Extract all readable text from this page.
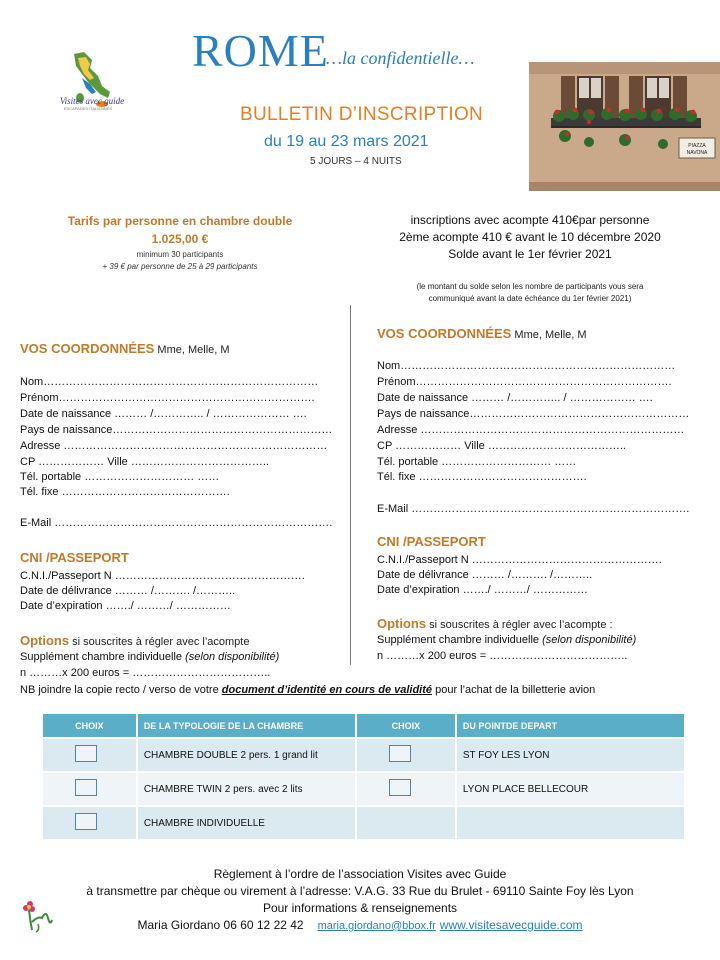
Visites avec guide
ESCAPADES ITALIENNES
ROME
…la confidentielle…
PIAZZA
NAVONA
BULLETIN D’INSCRIPTION
du 19 au 23 mars 2021
5 JOURS – 4 NUITS
Tarifs par personne en chambre double
1.025,00 €
minimum 30 participants
+ 39 € par personne de 25 à 29 participants
inscriptions avec acompte 410€par personne
2ème acompte 410 € avant le 10 décembre 2020
Solde avant le 1er février 2021
(le montant du solde selon les nombre de participants vous sera
communiqué avant la date échéance du 1er février 2021)
VOS COORDONNÉES Mme, Melle, M
Nom…………………………………………………………………
Prénom…………………………………………………………….
Date de naissance ……… /………….. / ………………… ….
Pays de naissance……………………………………………………
Adresse ………………………………………………………………
CP ……………… Ville ………………………………..
Tél. portable ………………………… ……
Tél. fixe ……………………………………….
E-Mail ………………………………………………………………….
CNI /PASSEPORT
C.N.I./Passeport N …………………………………………….
Date de délivrance ……… /………. /………..
Date d’expiration ……./ ………/ ……………
Options si souscrites à régler avec l’acompte
Supplément chambre individuelle (selon disponibilité)
n ………x 200 euros = ………………………………..
VOS COORDONNÉES Mme, Melle, M
Nom…………………………………………………………………
Prénom…………………………………………………………….
Date de naissance ……… /………….. / ……………… ….
Pays de naissance……………………………………………………
Adresse ………………………………………………………………
CP ……………… Ville ………………………………..
Tél. portable ………………………… ……
Tél. fixe ……………………………………….
E-Mail ………………………………………………………………….
CNI /PASSEPORT
C.N.I./Passeport N …………………………………………….
Date de délivrance ……… /………. /………..
Date d’expiration ……./ ………/ ……………
Options si souscrites à régler avec l’acompte :
Supplément chambre individuelle (selon disponibilité)
n ………x 200 euros = ………………………………..
NB joindre la copie recto / verso de votre document d’identité en cours de validité pour l’achat de la billetterie avion
CHOIX	DE LA TYPOLOGIE DE LA CHAMBRE	CHOIX	DU POINTDE DEPART
	CHAMBRE DOUBLE 2 pers. 1 grand lit		ST FOY LES LYON
	CHAMBRE TWIN 2 pers. avec 2 lits		LYON PLACE BELLECOUR
	CHAMBRE INDIVIDUELLE		
Règlement à l’ordre de l’association Visites avec Guide
à transmettre par chèque ou virement à l’adresse: V.A.G. 33 Rue du Brulet - 69110 Sainte Foy lès Lyon
Pour informations & renseignements
Maria Giordano 06 60 12 22 42 maria.giordano@bbox.fr www.visitesavecguide.com
